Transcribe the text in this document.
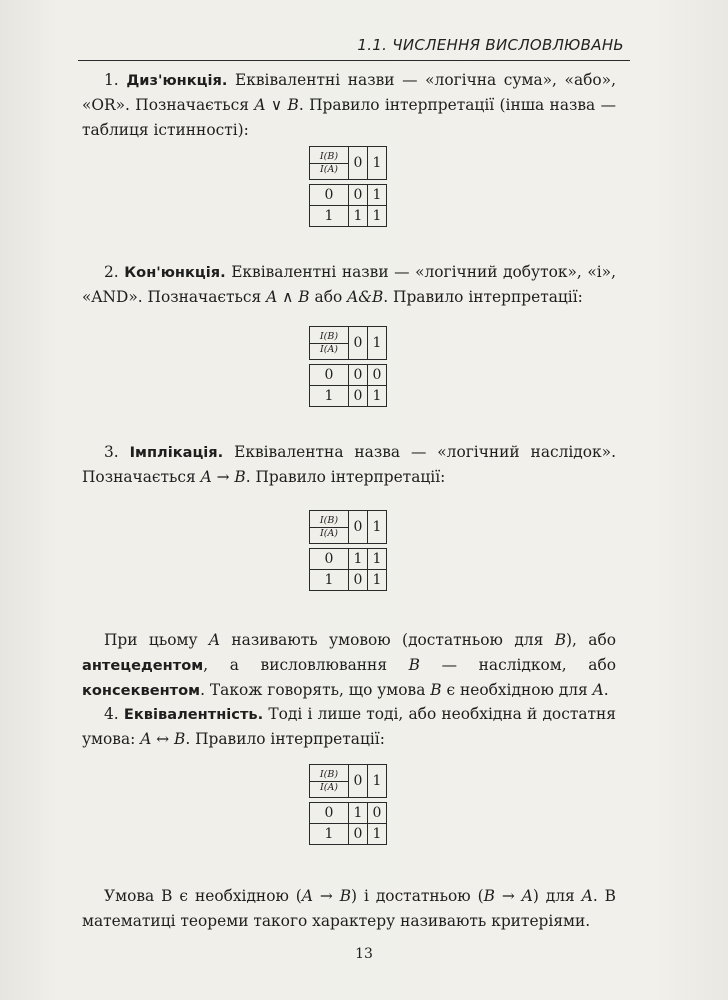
1.1. ЧИСЛЕННЯ ВИСЛОВЛЮВАНЬ
1. Диз'юнкція. Еквівалентні назви — «логічна сума», «або», «OR». Позначається A ∨ B. Правило інтерпретації (інша назва — таблиця істинності):
I(B)
I(A)	0	1

0	0	1
1	1	1
2. Кон'юнкція. Еквівалентні назви — «логічний добуток», «і», «AND». Позначається A ∧ B або A&B. Правило інтерпретації:
I(B)
I(A)	0	1

0	0	0
1	0	1
3. Імплікація. Еквівалентна назва — «логічний наслідок». Позначається A → B. Правило інтерпретації:
I(B)
I(A)	0	1

0	1	1
1	0	1
При цьому A називають умовою (достатньою для B), або антецедентом, а висловлювання B — наслідком, або консеквентом. Також говорять, що умова B є необхідною для A.
4. Еквівалентність. Тоді і лише тоді, або необхідна й достатня умова: A ↔ B. Правило інтерпретації:
I(B)
I(A)	0	1

0	1	0
1	0	1
Умова B є необхідною (A → B) і достатньою (B → A) для A. В математиці теореми такого характеру називають критеріями.
13
